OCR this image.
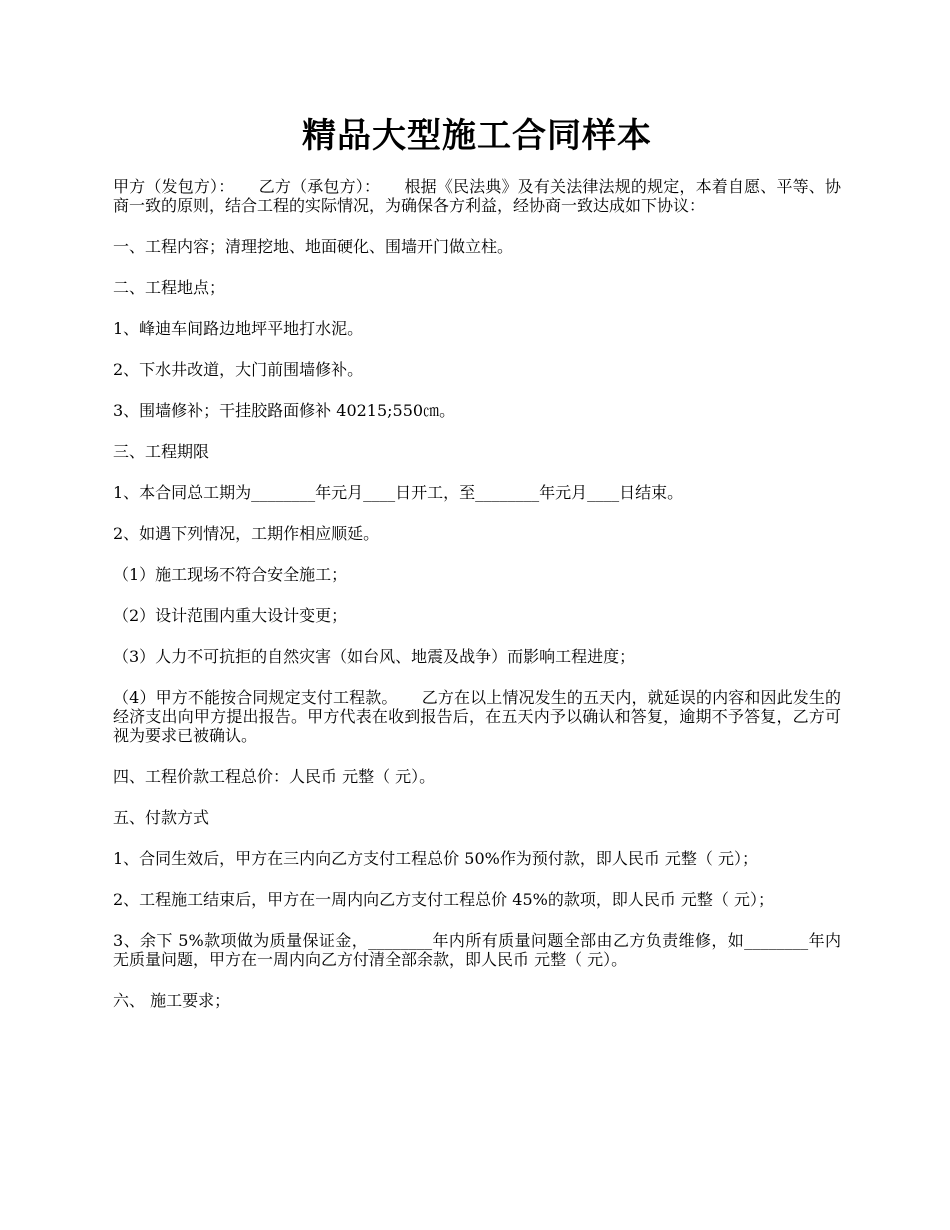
精品大型施工合同样本

甲方（发包方）：　　乙方（承包方）：　　根据《民法典》及有关法律法规的规定，本着自愿、平等、协商一致的原则，结合工程的实际情况，为确保各方利益，经协商一致达成如下协议：

一、工程内容；清理挖地、地面硬化、围墙开门做立柱。

二、工程地点；

1、峰迪车间路边地坪平地打水泥。

2、下水井改道，大门前围墙修补。

3、围墙修补；干挂胶路面修补 40215;550㎝。

三、工程期限

1、本合同总工期为________年元月____日开工，至________年元月____日结束。

2、如遇下列情况，工期作相应顺延。

（1）施工现场不符合安全施工；

（2）设计范围内重大设计变更；

（3）人力不可抗拒的自然灾害（如台风、地震及战争）而影响工程进度；

（4）甲方不能按合同规定支付工程款。　　乙方在以上情况发生的五天内，就延误的内容和因此发生的经济支出向甲方提出报告。甲方代表在收到报告后，在五天内予以确认和答复，逾期不予答复，乙方可视为要求已被确认。

四、工程价款工程总价：人民币 元整（ 元）。

五、付款方式

1、合同生效后，甲方在三内向乙方支付工程总价 50%作为预付款，即人民币 元整（ 元）；

2、工程施工结束后，甲方在一周内向乙方支付工程总价 45%的款项，即人民币 元整（ 元）；

3、余下 5%款项做为质量保证金，________年内所有质量问题全部由乙方负责维修，如________年内无质量问题，甲方在一周内向乙方付清全部余款，即人民币 元整（ 元）。

六、 施工要求；
